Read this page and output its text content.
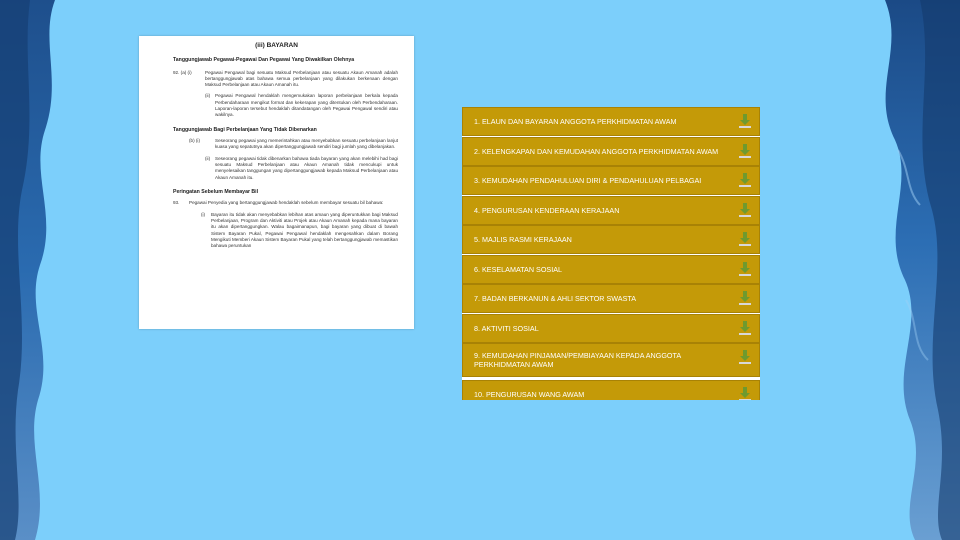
(iii) BAYARAN
Tanggungjawab Pegawai-Pegawai Dan Pegawai Yang Diwakilkan Olehnya
92. (a) (i)	Pegawai Pengawal bagi sesuatu Maksud Perbelanjaan atau sesuatu Akaun Amanah adalah bertanggungjawab atas bahawa semua perbelanjaan yang dilakukan berkenaan dengan Maksud Perbelanjaan atau Akaun Amanah itu.
(ii)	Pegawai Pengawal hendaklah mengemukakan laporan perbelanjaan berkala kepada Perbendaharaan mengikut format dan kekerapan yang ditentukan oleh Perbendaharaan. Laporan-laporan tersebut hendaklah ditandatangan oleh Pegawai Pengawal sendiri atau wakilnya.
Tanggungjawab Bagi Perbelanjaan Yang Tidak Dibenarkan
(b) (i)	Seseorang pegawai yang memerintahkan atau menyebabkan sesuatu perbelanjaan lanjut kuasa yang sepatutnya akan dipertanggungjawab sendiri bagi jumlah yang dibelanjakan.
(ii)	Seseorang pegawai tidak dibenarkan bahawa tiada bayaran yang akan melebihi had bagi sesuatu Maksud Perbelanjaan atau Akaun Amanah tidak mencukupi untuk menyelesaikan tanggungan yang dipertanggungjawab kepada Maksud Perbelanjaan atau Akaun Amanah itu.
Peringatan Sebelum Membayar Bil
93.	Pegawai Penyedia yang bertanggungjawab hendaklah sebelum membayar sesuatu bil bahawa:
(i)	Bayaran itu tidak akan menyebabkan lebihan atas amaun yang diperuntukkan bagi Maksud Perbelanjaan, Program dan Aktiviti atau Projek atau Akaun Amanah kepada mana bayaran itu akan dipertanggungkan. Walau bagaimanapun, bagi bayaran yang dibuat di bawah Sistem Bayaran Pukal, Pegawai Pengawal hendaklah mengesahkan dalam Borang Mengikuti Memberi Akaun Sistem Bayaran Pukal yang telah bertanggungjawab memastikan bahawa peruntukan
1. ELAUN DAN BAYARAN ANGGOTA PERKHIDMATAN AWAM
2. KELENGKAPAN DAN KEMUDAHAN ANGGOTA PERKHIDMATAN AWAM
3. KEMUDAHAN PENDAHULUAN DIRI & PENDAHULUAN PELBAGAI
4. PENGURUSAN KENDERAAN KERAJAAN
5. MAJLIS RASMI KERAJAAN
6. KESELAMATAN SOSIAL
7. BADAN BERKANUN & AHLI SEKTOR SWASTA
8. AKTIVITI SOSIAL
9. KEMUDAHAN PINJAMAN/PEMBIAYAAN KEPADA ANGGOTA PERKHIDMATAN AWAM
10. PENGURUSAN WANG AWAM
